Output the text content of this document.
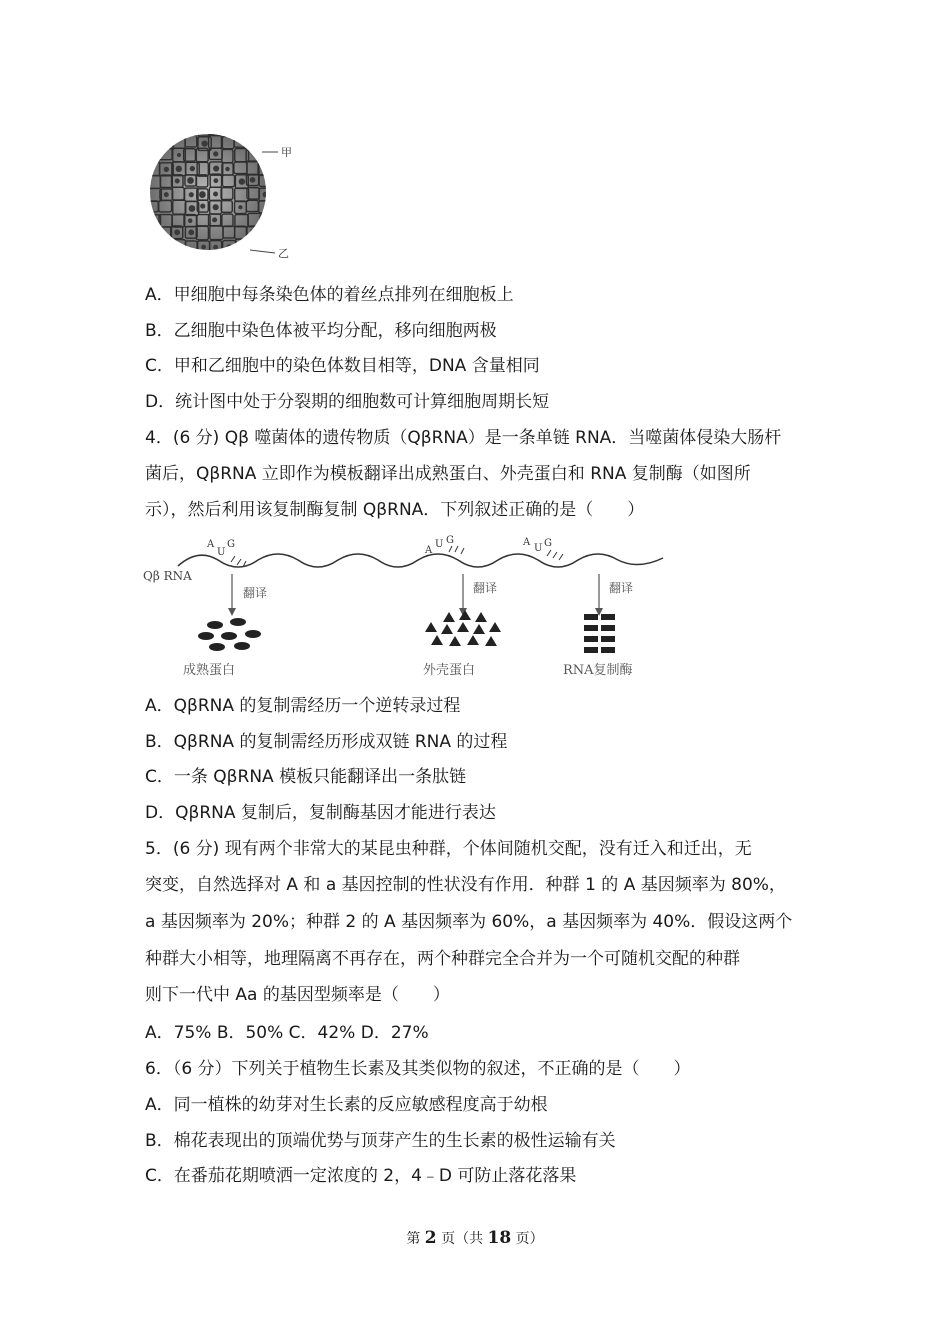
甲
乙
A．甲细胞中每条染色体的着丝点排列在细胞板上
B．乙细胞中染色体被平均分配，移向细胞两极
C．甲和乙细胞中的染色体数目相等，DNA 含量相同
D．统计图中处于分裂期的细胞数可计算细胞周期长短
4．(6 分) Qβ 噬菌体的遗传物质（QβRNA）是一条单链 RNA．当噬菌体侵染大肠杆
菌后，QβRNA 立即作为模板翻译出成熟蛋白、外壳蛋白和 RNA 复制酶（如图所
示），然后利用该复制酶复制 QβRNA．下列叙述正确的是（　　）
Qβ RNA
A
U
G
A
U G	A
U G
翻译	翻译	翻译
成熟蛋白	外壳蛋白	RNA复制酶
A．QβRNA 的复制需经历一个逆转录过程
B．QβRNA 的复制需经历形成双链 RNA 的过程
C．一条 QβRNA 模板只能翻译出一条肽链
D．QβRNA 复制后，复制酶基因才能进行表达
5．(6 分) 现有两个非常大的某昆虫种群，个体间随机交配，没有迁入和迁出，无
突变，自然选择对 A 和 a 基因控制的性状没有作用．种群 1 的 A 基因频率为 80%，
a 基因频率为 20%；种群 2 的 A 基因频率为 60%，a 基因频率为 40%．假设这两个
种群大小相等，地理隔离不再存在，两个种群完全合并为一个可随机交配的种群
则下一代中 Aa 的基因型频率是（　　）
A．75% B．50% C．42% D．27%
6．（6 分）下列关于植物生长素及其类似物的叙述，不正确的是（　　）
A．同一植株的幼芽对生长素的反应敏感程度高于幼根
B．棉花表现出的顶端优势与顶芽产生的生长素的极性运输有关
C．在番茄花期喷洒一定浓度的 2，4﹣D 可防止落花落果
第 2 页（共 18 页）
